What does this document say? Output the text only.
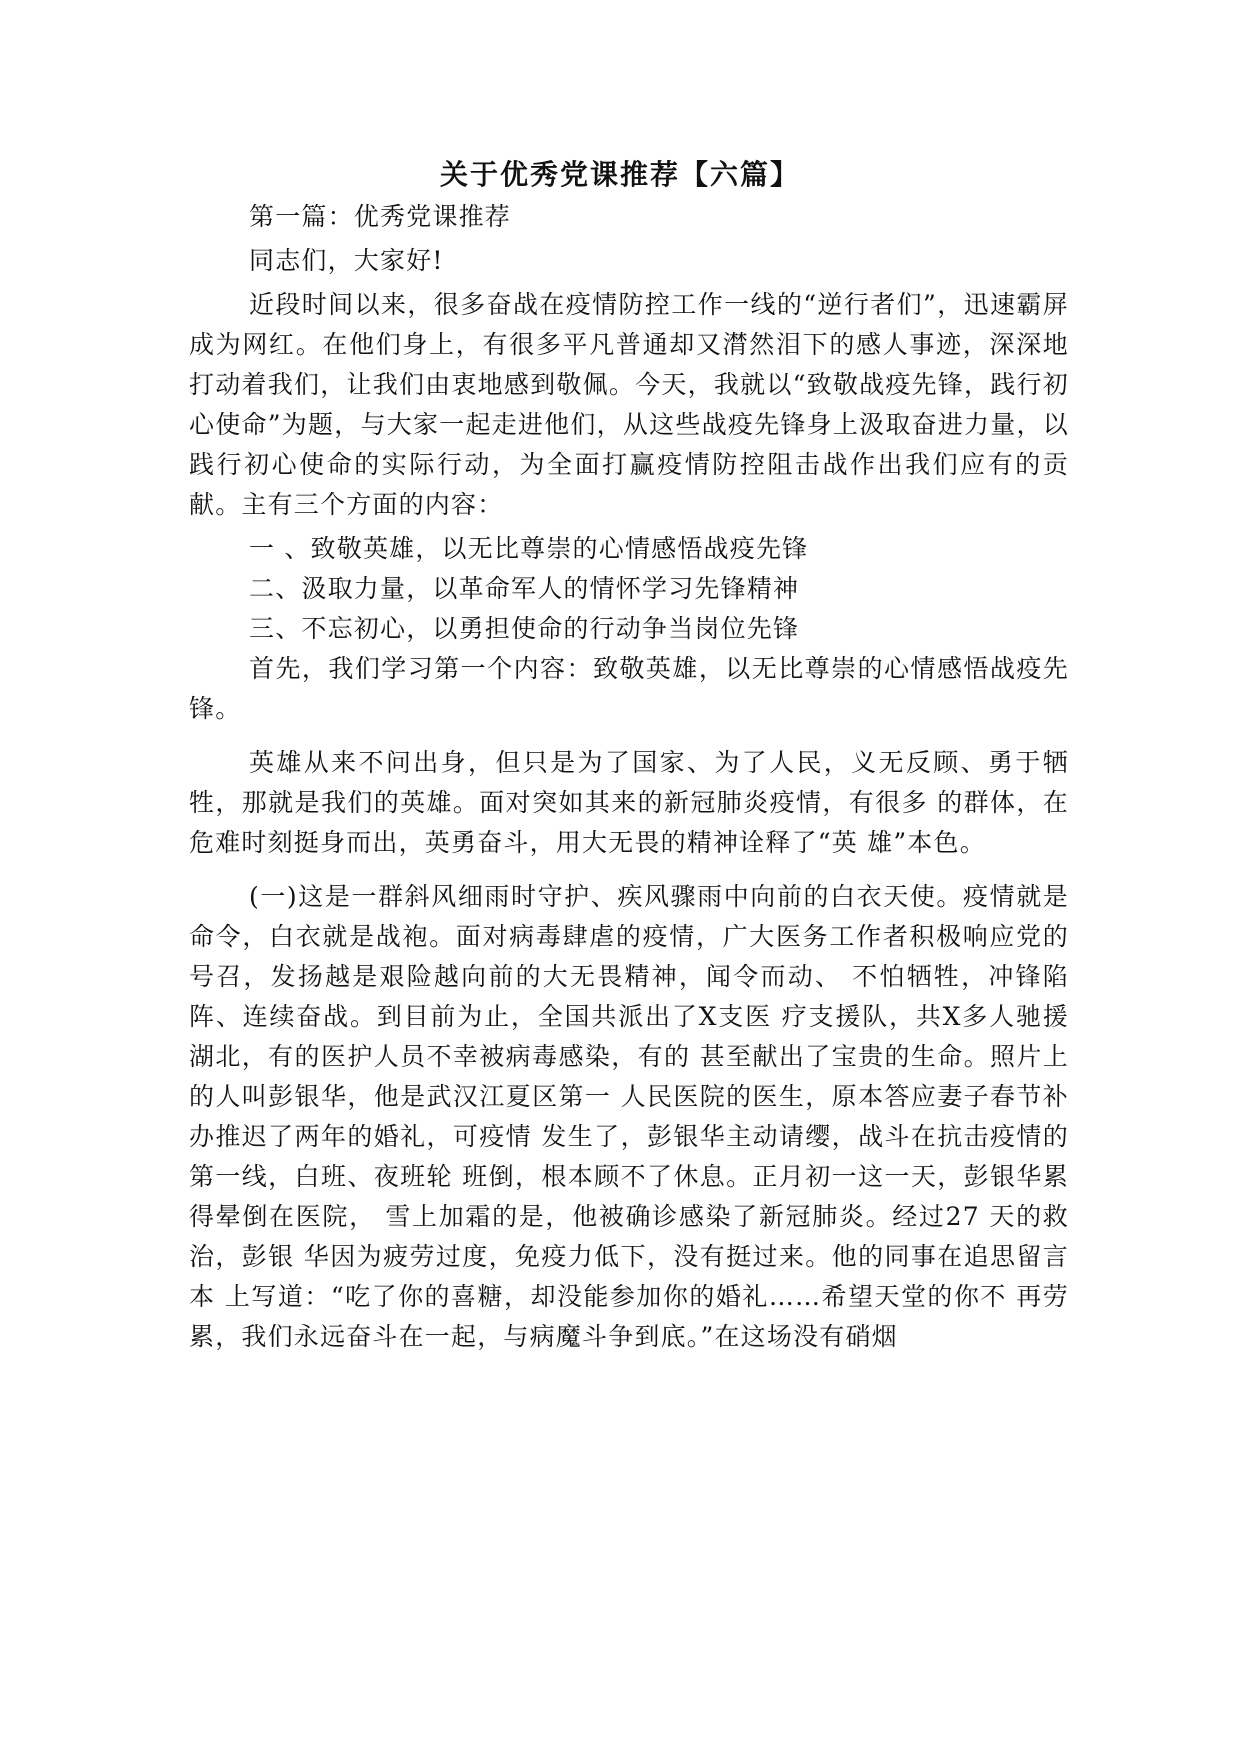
关于优秀党课推荐【六篇】

第一篇：优秀党课推荐

同志们，大家好!

近段时间以来，很多奋战在疫情防控工作一线的“逆行者们”，迅速霸屏成为网红。在他们身上，有很多平凡普通却又潸然泪下的感人事迹，深深地打动着我们，让我们由衷地感到敬佩。今天，我就以“致敬战疫先锋，践行初心使命”为题，与大家一起走进他们，从这些战疫先锋身上汲取奋进力量，以践行初心使命的实际行动，为全面打赢疫情防控阻击战作出我们应有的贡献。主有三个方面的内容：

一 、致敬英雄，以无比尊崇的心情感悟战疫先锋

二、汲取力量，以革命军人的情怀学习先锋精神

三、不忘初心，以勇担使命的行动争当岗位先锋

首先，我们学习第一个内容：致敬英雄，以无比尊崇的心情感悟战疫先锋。

英雄从来不问出身，但只是为了国家、为了人民，义无反顾、勇于牺牲，那就是我们的英雄。面对突如其来的新冠肺炎疫情，有很多 的群体，在危难时刻挺身而出，英勇奋斗，用大无畏的精神诠释了“英 雄”本色。

(一)这是一群斜风细雨时守护、疾风骤雨中向前的白衣天使。疫情就是命令，白衣就是战袍。面对病毒肆虐的疫情，广大医务工作者积极响应党的号召，发扬越是艰险越向前的大无畏精神，闻令而动、 不怕牺牲，冲锋陷阵、连续奋战。到目前为止，全国共派出了X支医 疗支援队，共X多人驰援湖北，有的医护人员不幸被病毒感染，有的 甚至献出了宝贵的生命。照片上的人叫彭银华，他是武汉江夏区第一 人民医院的医生，原本答应妻子春节补办推迟了两年的婚礼，可疫情 发生了，彭银华主动请缨，战斗在抗击疫情的第一线，白班、夜班轮 班倒，根本顾不了休息。正月初一这一天，彭银华累得晕倒在医院， 雪上加霜的是，他被确诊感染了新冠肺炎。经过27 天的救治，彭银 华因为疲劳过度，免疫力低下，没有挺过来。他的同事在追思留言本 上写道：“吃了你的喜糖，却没能参加你的婚礼……希望天堂的你不 再劳累，我们永远奋斗在一起，与病魔斗争到底。”在这场没有硝烟
